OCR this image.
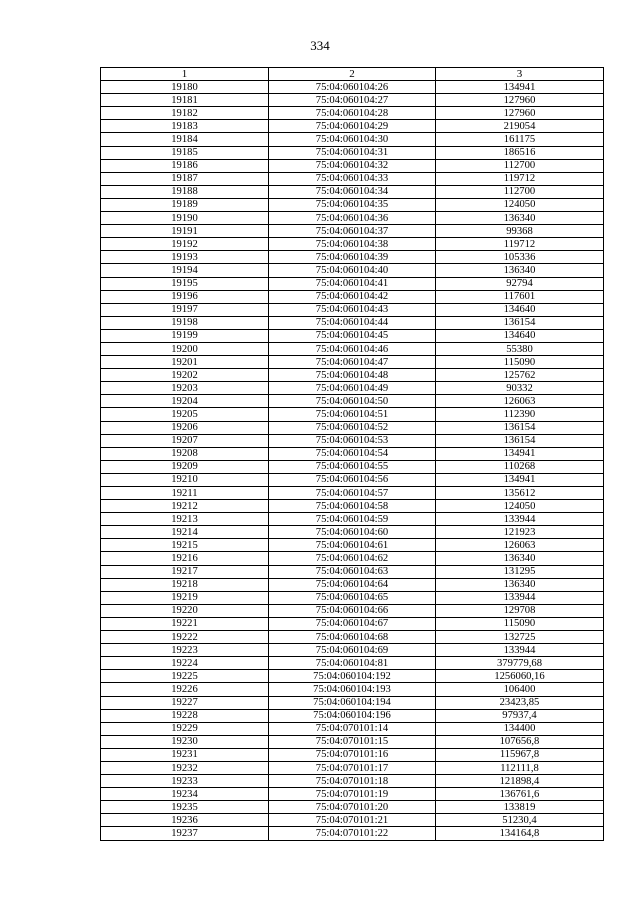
334
1	2	3
19180	75:04:060104:26	134941
19181	75:04:060104:27	127960
19182	75:04:060104:28	127960
19183	75:04:060104:29	219054
19184	75:04:060104:30	161175
19185	75:04:060104:31	186516
19186	75:04:060104:32	112700
19187	75:04:060104:33	119712
19188	75:04:060104:34	112700
19189	75:04:060104:35	124050
19190	75:04:060104:36	136340
19191	75:04:060104:37	99368
19192	75:04:060104:38	119712
19193	75:04:060104:39	105336
19194	75:04:060104:40	136340
19195	75:04:060104:41	92794
19196	75:04:060104:42	117601
19197	75:04:060104:43	134640
19198	75:04:060104:44	136154
19199	75:04:060104:45	134640
19200	75:04:060104:46	55380
19201	75:04:060104:47	115090
19202	75:04:060104:48	125762
19203	75:04:060104:49	90332
19204	75:04:060104:50	126063
19205	75:04:060104:51	112390
19206	75:04:060104:52	136154
19207	75:04:060104:53	136154
19208	75:04:060104:54	134941
19209	75:04:060104:55	110268
19210	75:04:060104:56	134941
19211	75:04:060104:57	135612
19212	75:04:060104:58	124050
19213	75:04:060104:59	133944
19214	75:04:060104:60	121923
19215	75:04:060104:61	126063
19216	75:04:060104:62	136340
19217	75:04:060104:63	131295
19218	75:04:060104:64	136340
19219	75:04:060104:65	133944
19220	75:04:060104:66	129708
19221	75:04:060104:67	115090
19222	75:04:060104:68	132725
19223	75:04:060104:69	133944
19224	75:04:060104:81	379779,68
19225	75:04:060104:192	1256060,16
19226	75:04:060104:193	106400
19227	75:04:060104:194	23423,85
19228	75:04:060104:196	97937,4
19229	75:04:070101:14	134400
19230	75:04:070101:15	107656,8
19231	75:04:070101:16	115967,8
19232	75:04:070101:17	112111,8
19233	75:04:070101:18	121898,4
19234	75:04:070101:19	136761,6
19235	75:04:070101:20	133819
19236	75:04:070101:21	51230,4
19237	75:04:070101:22	134164,8
